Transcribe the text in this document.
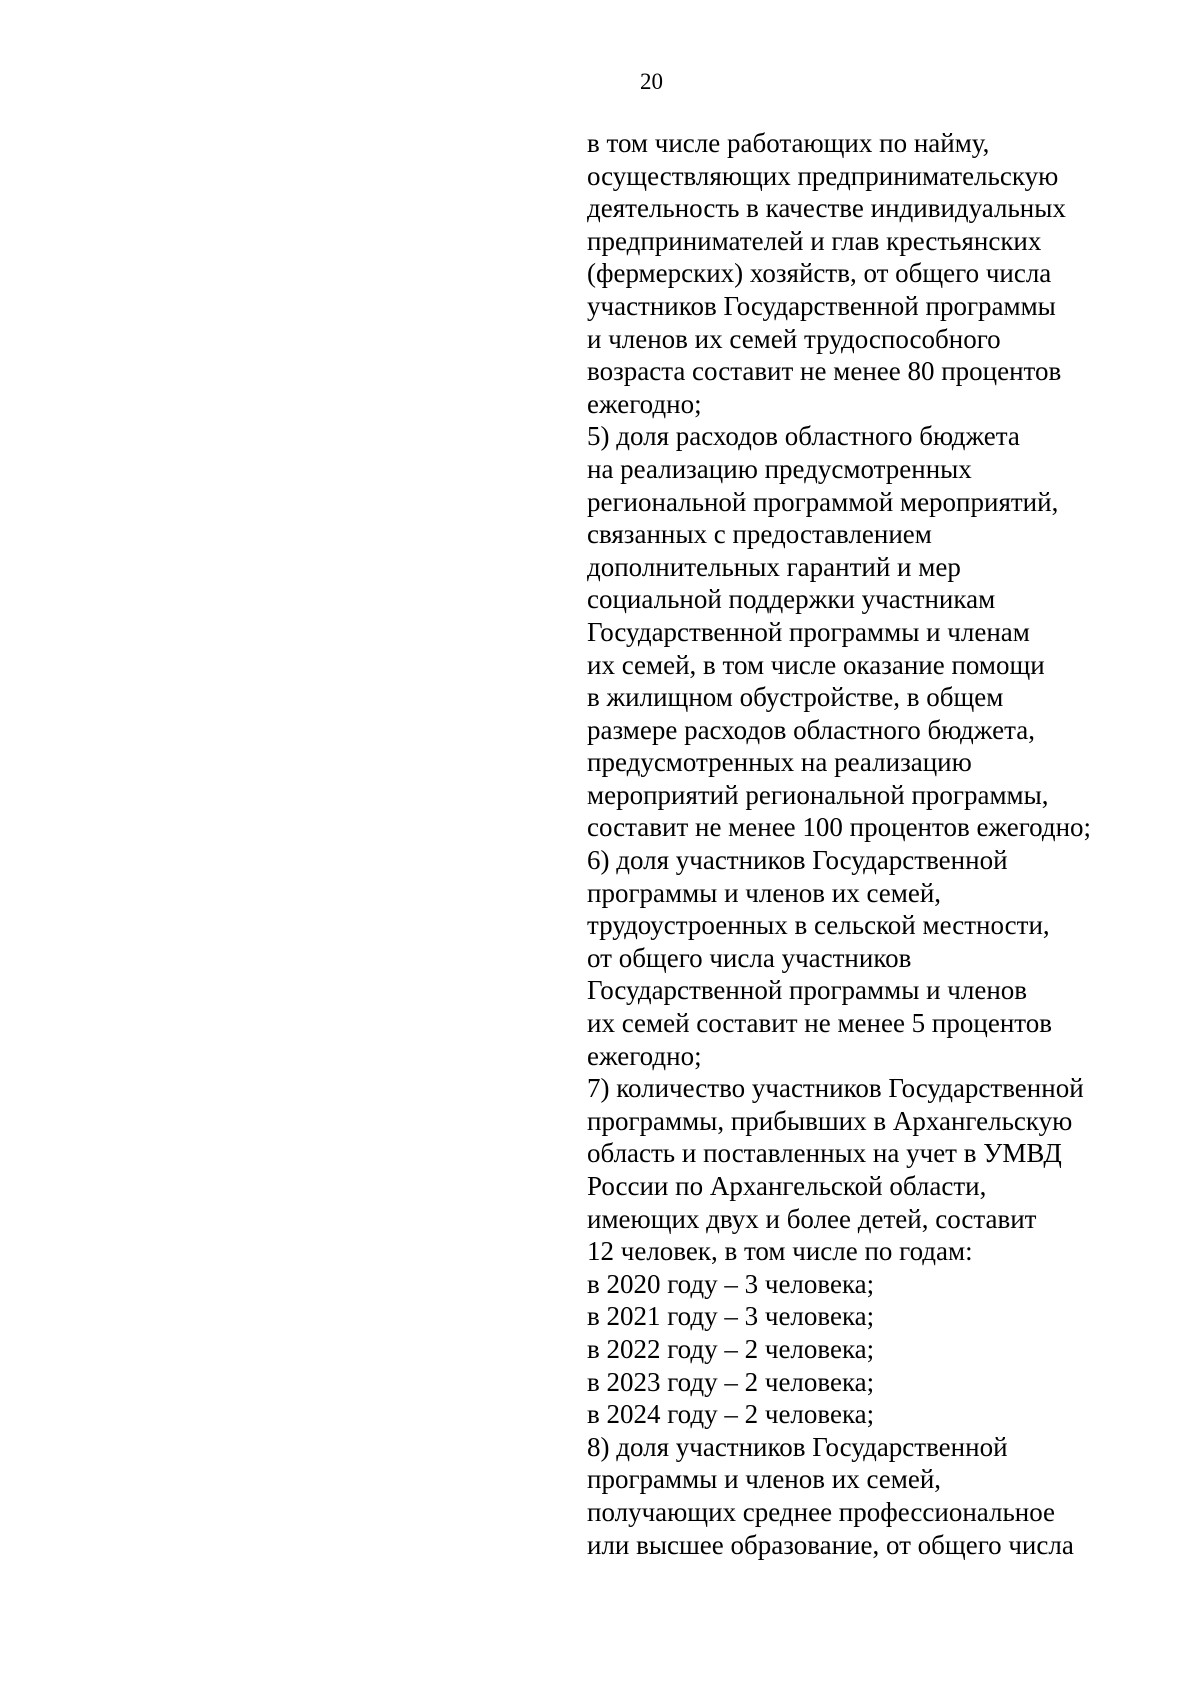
20
в том числе работающих по найму,
осуществляющих предпринимательскую
деятельность в качестве индивидуальных
предпринимателей и глав крестьянских
(фермерских) хозяйств, от общего числа
участников Государственной программы
и членов их семей трудоспособного
возраста составит не менее 80 процентов
ежегодно;
5) доля расходов областного бюджета
на реализацию предусмотренных
региональной программой мероприятий,
связанных с предоставлением
дополнительных гарантий и мер
социальной поддержки участникам
Государственной программы и членам
их семей, в том числе оказание помощи
в жилищном обустройстве, в общем
размере расходов областного бюджета,
предусмотренных на реализацию
мероприятий региональной программы,
составит не менее 100 процентов ежегодно;
6) доля участников Государственной
программы и членов их семей,
трудоустроенных в сельской местности,
от общего числа участников
Государственной программы и членов
их семей составит не менее 5 процентов
ежегодно;
7) количество участников Государственной
программы, прибывших в Архангельскую
область и поставленных на учет в УМВД
России по Архангельской области,
имеющих двух и более детей, составит
12 человек, в том числе по годам:
в 2020 году – 3 человека;
в 2021 году – 3 человека;
в 2022 году – 2 человека;
в 2023 году – 2 человека;
в 2024 году – 2 человека;
8) доля участников Государственной
программы и членов их семей,
получающих среднее профессиональное
или высшее образование, от общего числа
